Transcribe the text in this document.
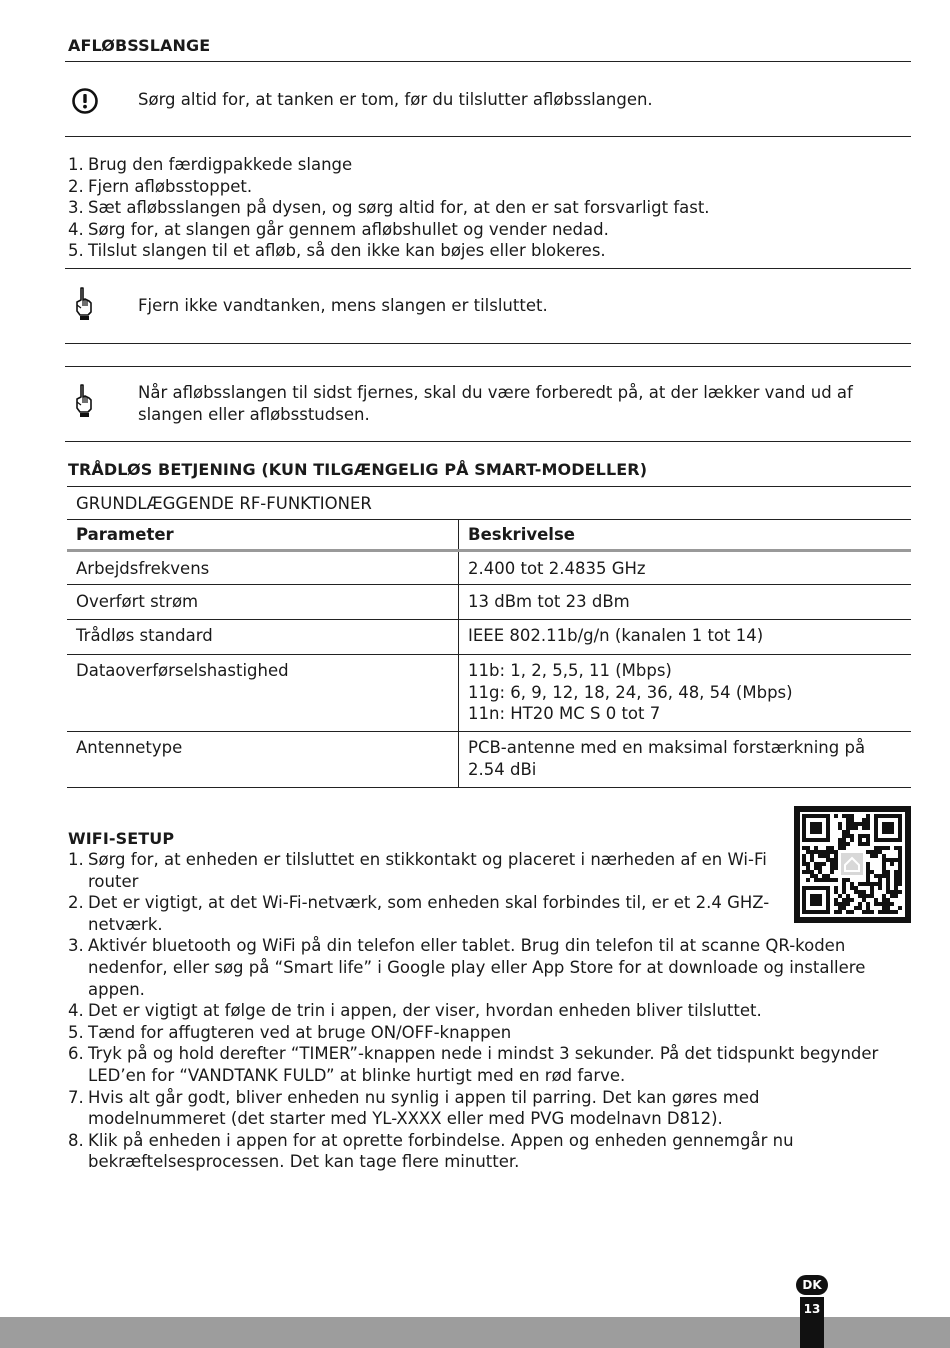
AFLØBSSLANGE
Sørg altid for, at tanken er tom, før du tilslutter afløbsslangen.
1. Brug den færdigpakkede slange
2. Fjern afløbsstoppet.
3. Sæt afløbsslangen på dysen, og sørg altid for, at den er sat forsvarligt fast.
4. Sørg for, at slangen går gennem afløbshullet og vender nedad.
5. Tilslut slangen til et afløb, så den ikke kan bøjes eller blokeres.
Fjern ikke vandtanken, mens slangen er tilsluttet.
Når afløbsslangen til sidst fjernes, skal du være forberedt på, at der lækker vand ud af
slangen eller afløbsstudsen.
TRÅDLØS BETJENING (KUN TILGÆNGELIG PÅ SMART-MODELLER)
GRUNDLÆGGENDE RF-FUNKTIONER	
Parameter	Beskrivelse
Arbejdsfrekvens	2.400 tot 2.4835 GHz
Overført strøm	13 dBm tot 23 dBm
Trådløs standard	IEEE 802.11b/g/n (kanalen 1 tot 14)
Dataoverførselshastighed	11b: 1, 2, 5,5, 11 (Mbps)
11g: 6, 9, 12, 18, 24, 36, 48, 54 (Mbps)
11n: HT20 MC S 0 tot 7

Antennetype	PCB-antenne med en maksimal forstærkning på
2.54 dBi
WIFI-SETUP
1. Sørg for, at enheden er tilsluttet en stikkontakt og placeret i nærheden af en Wi-Fi
router
2. Det er vigtigt, at det Wi-Fi-netværk, som enheden skal forbindes til, er et 2.4 GHZ-
netværk.
3. Aktivér bluetooth og WiFi på din telefon eller tablet. Brug din telefon til at scanne QR-koden
nedenfor, eller søg på “Smart life” i Google play eller App Store for at downloade og installere
appen.
4. Det er vigtigt at følge de trin i appen, der viser, hvordan enheden bliver tilsluttet.
5. Tænd for affugteren ved at bruge ON/OFF-knappen
6. Tryk på og hold derefter “TIMER”-knappen nede i mindst 3 sekunder. På det tidspunkt begynder
LED’en for “VANDTANK FULD” at blinke hurtigt med en rød farve.
7. Hvis alt går godt, bliver enheden nu synlig i appen til parring. Det kan gøres med
modelnummeret (det starter med YL-XXXX eller med PVG modelnavn D812).
8. Klik på enheden i appen for at oprette forbindelse. Appen og enheden gennemgår nu
bekræftelsesprocessen. Det kan tage flere minutter.
DK
13
